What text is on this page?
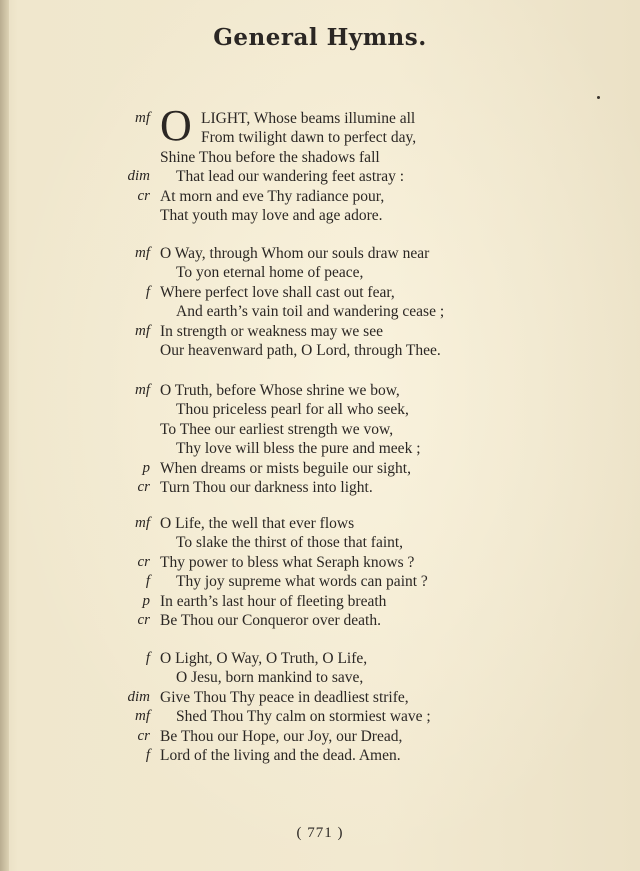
General Hymns.
O
mf	LIGHT, Whose beams illumine all
From twilight dawn to perfect day,
Shine Thou before the shadows fall
dim That lead our wandering feet astray :
cr At morn and eve Thy radiance pour,
That youth may love and age adore.
mf O Way, through Whom our souls draw near
To yon eternal home of peace,
f Where perfect love shall cast out fear,
And earth’s vain toil and wandering cease ;
mf In strength or weakness may we see
Our heavenward path, O Lord, through Thee.
mf O Truth, before Whose shrine we bow,
Thou priceless pearl for all who seek,
To Thee our earliest strength we vow,
Thy love will bless the pure and meek ;
p When dreams or mists beguile our sight,
cr Turn Thou our darkness into light.
mf O Life, the well that ever flows
To slake the thirst of those that faint,
cr Thy power to bless what Seraph knows ?
f Thy joy supreme what words can paint ?
p In earth’s last hour of fleeting breath
cr Be Thou our Conqueror over death.
f O Light, O Way, O Truth, O Life,
O Jesu, born mankind to save,
dim Give Thou Thy peace in deadliest strife,
mf Shed Thou Thy calm on stormiest wave ;
cr Be Thou our Hope, our Joy, our Dread,
f Lord of the living and the dead. Amen.
( 771 )
